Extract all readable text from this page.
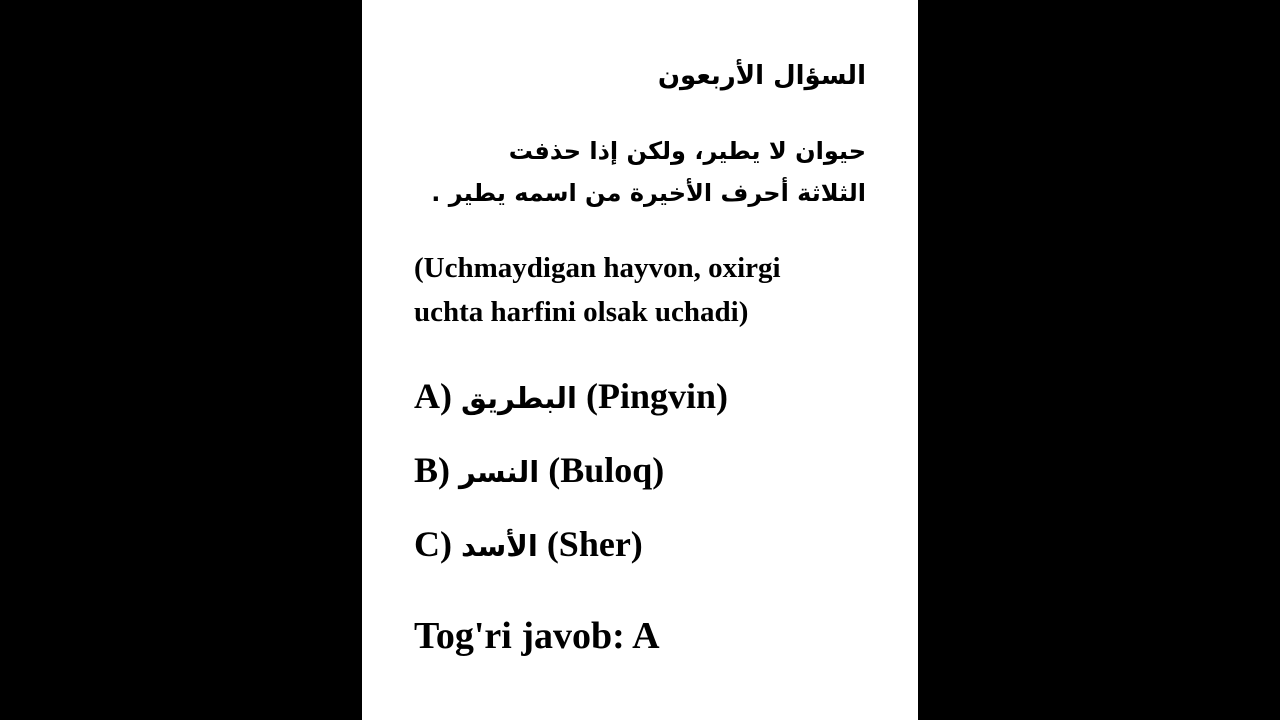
السؤال الأربعون
حيوان لا يطير، ولكن إذا حذفت
الثلاثة أحرف الأخيرة من اسمه يطير .
(Uchmaydigan hayvon, oxirgi
uchta harfini olsak uchadi)
A) البطريق (Pingvin)
B) النسر (Buloq)
C) الأسد (Sher)
Tog'ri javob: A
